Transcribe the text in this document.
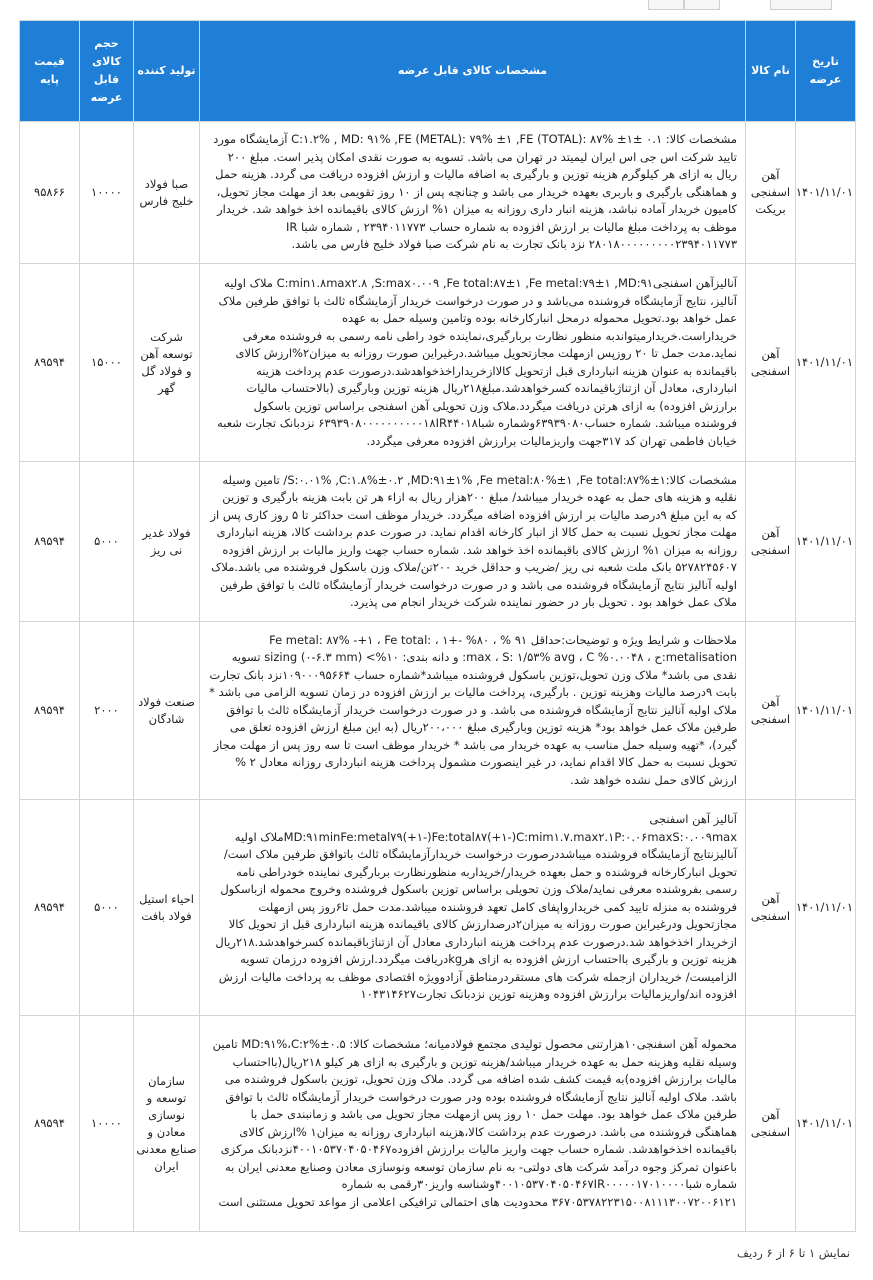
تاریخ عرضه	نام کالا	مشخصات کالای قابل عرضه	تولید کننده	حجم کالای قابل عرضه	قیمت پایه
۱۴۰۱/۱۱/۰۱	آهن اسفنجی بریکت	مشخصات کالا: ۰.۱ ±C:۱.۲% , MD: ۹۱% ,FE (METAL): ۷۹% ±۱ ,FE (TOTAL): ۸۷% ±۱ آزمایشگاه مورد تایید شرکت اس جی اس ایران لیمیتد در تهران می باشد. تسویه به صورت نقدی امکان پذیر است. مبلغ ۲۰۰ ریال به ازای هر کیلوگرم هزینه توزین و بارگیری به اضافه مالیات و ارزش افزوده دریافت می گردد. هزینه حمل و هماهنگی بارگیری و باربری بعهده خریدار می باشد و چنانچه پس از ۱۰ روز تقویمی بعد از مهلت مجاز تحویل، کامیون خریدار آماده نباشد، هزینه انبار داری روزانه به میزان ۱% ارزش کالای باقیمانده اخذ خواهد شد. خریدار موظف به پرداخت مبلغ مالیات بر ارزش افزوده به شماره حساب ۲۳۹۴۰۱۱۷۷۳ , شماره شبا IR ۲۸۰۱۸۰۰۰۰۰۰۰۰۰۲۳۹۴۰۱۱۷۷۳ نزد بانک تجارت به نام شرکت صبا فولاد خلیج فارس می باشد.	صبا فولاد خلیج فارس	۱۰۰۰۰	۹۵۸۶۶
۱۴۰۱/۱۱/۰۱	آهن اسفنجی	آنالیزآهن اسفنجیC:min۱.۸max۲.۸ ,S:max۰.۰۰۹ ,Fe total:۸۷±۱ ,Fe metal:۷۹±۱ ,MD:۹۱ ملاک اولیه آنالیز، نتایج آزمایشگاه فروشنده می‌باشد و در صورت درخواست خریدار آزمایشگاه ثالث با توافق طرفین ملاک عمل خواهد بود.تحویل محموله درمحل انبارکارخانه بوده وتامین وسیله حمل به عهده خریداراست.خریدارمیتواندبه منظور نظارت بربارگیری،نماینده خود راطی نامه رسمی به فروشنده معرفی نماید.مدت حمل تا ۲۰ روزپس ازمهلت مجازتحویل میباشد.درغیراین صورت روزانه به میزان۲%ارزش کالای باقیمانده به عنوان هزینه انبارداری قبل ازتحویل کالاازخریداراخذخواهدشد.درصورت عدم پرداخت هزینه انبارداری، معادل آن ازتناژباقیمانده کسرخواهدشد.مبلغ۲۱۸ریال هزینه توزین وبارگیری (بالاحتساب مالیات برارزش افزوده) به ازای هرتن دریافت میگردد.ملاک وزن تحویلی آهن اسفنجی براساس توزین باسکول فروشنده میباشد. شماره حساب۶۳۹۳۹۰۸۰وشماره شبا۶۳۹۳۹۰۸۰۰۰۰۰۰۰۰۰۰۱۸IR۴۴۰۱۸ نزدبانک تجارت شعبه خیابان فاطمی تهران کد ۳۱۷جهت واریزمالیات برارزش افزوده معرفی میگردد.	شرکت توسعه آهن و فولاد گل گهر	۱۵۰۰۰	۸۹۵۹۴
۱۴۰۱/۱۱/۰۱	آهن اسفنجی	مشخصات کالا:S:۰.۰۱% ,C:۱.۸%±۰.۲ ,MD:۹۱±۱% ,Fe metal:۸۰%±۱ ,Fe total:۸۷%±۱/ تامین وسیله نقلیه و هزینه های حمل به عهده خریدار میباشد/ مبلغ ۲۰۰هزار ریال به ازاء هر تن بابت هزینه بارگیری و توزین که به این مبلغ ۹درصد مالیات بر ارزش افزوده اضافه میگردد. خریدار موظف است حداکثر تا ۵ روز کاری پس از مهلت مجاز تحویل نسبت به حمل کالا از انبار کارخانه اقدام نماید. در صورت عدم برداشت کالا، هزینه انبارداری روزانه به میزان ۱% ارزش کالای باقیمانده اخذ خواهد شد. شماره حساب جهت واریز مالیات بر ارزش افزوده ۵۲۷۸۲۴۵۶۰۷ بانک ملت شعبه نی ریز /ضریب و حداقل خرید ۲۰۰تن/ملاک وزن باسکول فروشنده می باشد.ملاک اولیه آنالیز نتایج آزمایشگاه فروشنده می باشد و در صورت درخواست خریدار آزمایشگاه ثالث با توافق طرفین ملاک عمل خواهد بود . تحویل بار در حضور نماینده شرکت خریدار انجام می پذیرد.	فولاد غدیر نی ریز	۵۰۰۰	۸۹۵۹۴
۱۴۰۱/۱۱/۰۱	آهن اسفنجی	ملاحظات و شرایط ویژه و توضیحات:حداقل ۹۱ % ، ۸۰% -+۱ ، Fe metal: ۸۷% -+۱ ، Fe total: metalisation:ح ، ۰.۰۰۴۸% max ، S: ۱/۵۳% avg ، C: و دانه بندی: ۱۰%> sizing (۰-۶.۳ mm) تسویه نقدی می باشد* ملاک وزن تحویل،توزین باسکول فروشنده میباشد*شماره حساب ۱۰۹۰۰۰۹۵۶۶۴نزد بانک تجارت بابت ۹درصد مالیات وهزینه توزین . بارگیری، پرداخت مالیات بر ارزش افزوده در زمان تسویه الزامی می باشد * ملاک اولیه آنالیز نتایج آزمایشگاه فروشنده می باشد. و در صورت درخواست خریدار آزمایشگاه ثالث با توافق طرفین ملاک عمل خواهد بود* هزینه توزین وبارگیری مبلغ ۲۰۰،۰۰۰ریال (به این مبلغ ارزش افزوده تعلق می گیرد)، *تهیه وسیله حمل مناسب به عهده خریدار می باشد * خریدار موظف است تا سه روز پس از مهلت مجاز تحویل نسبت به حمل کالا اقدام نماید، در غیر اینصورت مشمول پرداخت هزینه انبارداری روزانه معادل ۲ % ارزش کالای حمل نشده خواهد شد.	صنعت فولاد شادگان	۲۰۰۰	۸۹۵۹۴
۱۴۰۱/۱۱/۰۱	آهن اسفنجی	آنالیز آهن اسفنجی MD:۹۱minFe:metal۷۹(+۱-)Fe:total۸۷(+۱-)C:mim۱.۷.max۲.۱P:۰.۰۶maxS:۰.۰۰۹maxملاک اولیه آنالیزنتایج آزمایشگاه فروشنده میباشددرصورت درخواست خریدارآزمایشگاه ثالث باتوافق طرفین ملاک است/تحویل انبارکارخانه فروشنده و حمل بعهده خریدار/خریداربه منظورنظارت بربارگیری نماینده خودراطی نامه رسمی بفروشنده معرفی نماید/ملاک وزن تحویلی براساس توزین باسکول فروشنده وخروج محموله ازباسکول فروشنده به منزله تایید کمی خریدارواپفای کامل تعهد فروشنده میباشد.مدت حمل تا۶روز پس ازمهلت مجازتحویل ودرغیراین صورت روزانه به میزان۲درصدارزش کالای باقیمانده هزینه انبارداری قبل از تحویل کالا ازخریدار اخذخواهد شد.درصورت عدم پرداخت هزینه انبارداری معادل آن ازتناژباقیمانده کسرخواهدشد.۲۱۸ریال هزینه توزین و بارگیری بااحتساب ارزش افزوده به ازای هرkgدریافت میگردد.ارزش افزوده درزمان تسویه الزامیست/ خریداران ازجمله شرکت های مستقردرمناطق آزادوویژه اقتصادی موظف به پرداخت مالیات ارزش افزوده اند/واریزمالیات برارزش افزوده وهزینه توزین نزدبانک تجارت۱۰۴۳۱۴۶۲۷	احیاء استیل فولاد بافت	۵۰۰۰	۸۹۵۹۴
۱۴۰۱/۱۱/۰۱	آهن اسفنجی	محموله آهن اسفنجی۱۰هزارتنی محصول تولیدی مجتمع فولادمیانه؛ مشخصات کالا: MD:۹۱%،C:۲%±۰.۵ تامین وسیله نقلیه وهزینه حمل به عهده خریدار میباشد/هزینه توزین و بارگیری به ازای هر کیلو ۲۱۸ریال(بااحتساب مالیات برارزش افزوده)به قیمت کشف شده اضافه می گردد. ملاک وزن تحویل، توزین باسکول فروشنده می باشد. ملاک اولیه آنالیز نتایج آزمایشگاه فروشنده بوده ودر صورت درخواست خریدار آزمایشگاه ثالث با توافق طرفین ملاک عمل خواهد بود. مهلت حمل ۱۰ روز پس ازمهلت مجاز تحویل می باشد و زمانبندی حمل با هماهنگی فروشنده می باشد. درصورت عدم برداشت کالا،هزینه انبارداری روزانه به میزان۱ %ارزش کالای باقیمانده اخذخواهدشد. شماره حساب جهت واریز مالیات برارزش افزوده۴۰۰۱۰۵۳۷۰۴۰۵۰۴۶۷نزدبانک مرکزی باعنوان تمرکز وجوه درآمد شرکت های دولتی- به نام سازمان توسعه ونوسازی معادن وصنایع معدنی ایران به شماره شبا۴۰۰۱۰۵۳۷۰۴۰۵۰۴۶۷IR۰۰۰۰۰۱۷۰۱۰۰۰۰وشناسه واریز۳۰رقمی به شماره ۳۶۷۰۵۳۷۸۲۲۳۱۵۰۰۸۱۱۱۳۰۰۷۲۰۰۶۱۲۱ محدودیت های احتمالی ترافیکی اعلامی از مواعد تحویل مستثنی است	سازمان توسعه و نوسازی معادن و صنایع معدنی ایران	۱۰۰۰۰	۸۹۵۹۴
نمایش ۱ تا ۶ از ۶ ردیف
